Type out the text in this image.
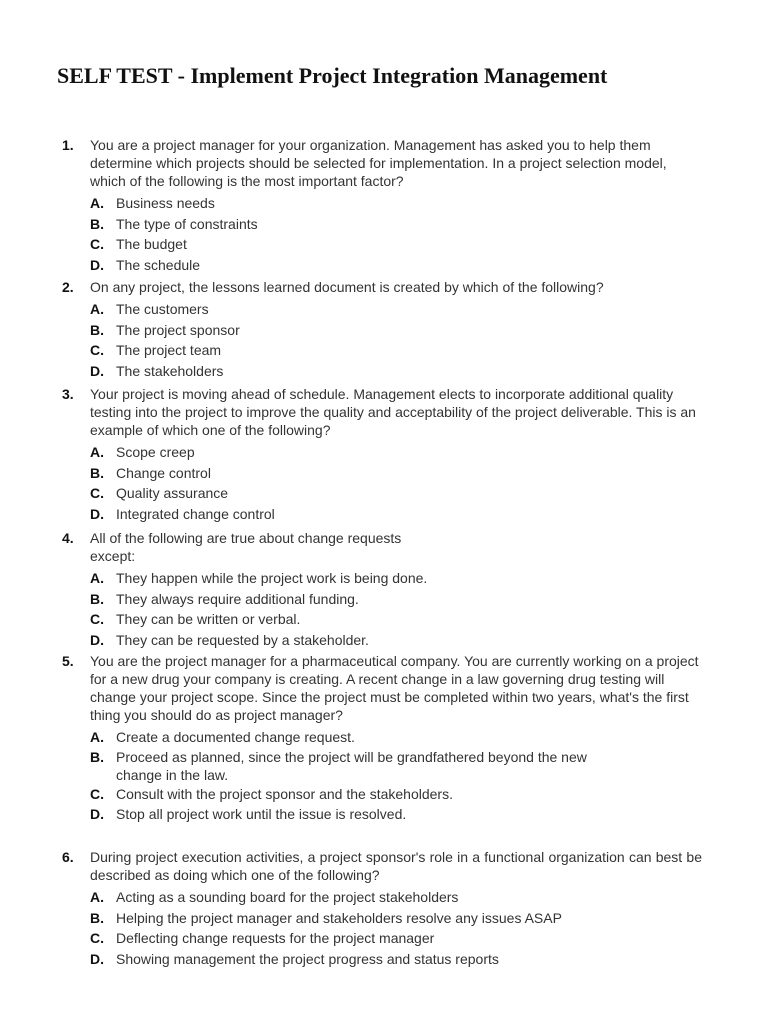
SELF TEST - Implement Project Integration Management
1.	You are a project manager for your organization. Management has asked you to help them determine which projects should be selected for implementation. In a project selection model, which of the following is the most important factor?
A. Business needs
B. The type of constraints
C. The budget
D. The schedule
2.	On any project, the lessons learned document is created by which of the following?
A. The customers
B. The project sponsor
C. The project team
D. The stakeholders
3.	Your project is moving ahead of schedule. Management elects to incorporate additional quality testing into the project to improve the quality and acceptability of the project deliverable. This is an example of which one of the following?
A. Scope creep
B. Change control
C. Quality assurance
D. Integrated change control
4.	All of the following are true about change requests except:
A. They happen while the project work is being done.
B. They always require additional funding.
C. They can be written or verbal.
D. They can be requested by a stakeholder.
5.	You are the project manager for a pharmaceutical company. You are currently working on a project for a new drug your company is creating. A recent change in a law governing drug testing will change your project scope. Since the project must be completed within two years, what's the first thing you should do as project manager?
A. Create a documented change request.
B. Proceed as planned, since the project will be grandfathered beyond the new change in the law.
C. Consult with the project sponsor and the stakeholders.
D. Stop all project work until the issue is resolved.
6.	During project execution activities, a project sponsor's role in a functional organization can best be described as doing which one of the following?
A. Acting as a sounding board for the project stakeholders
B. Helping the project manager and stakeholders resolve any issues ASAP
C. Deflecting change requests for the project manager
D. Showing management the project progress and status reports
